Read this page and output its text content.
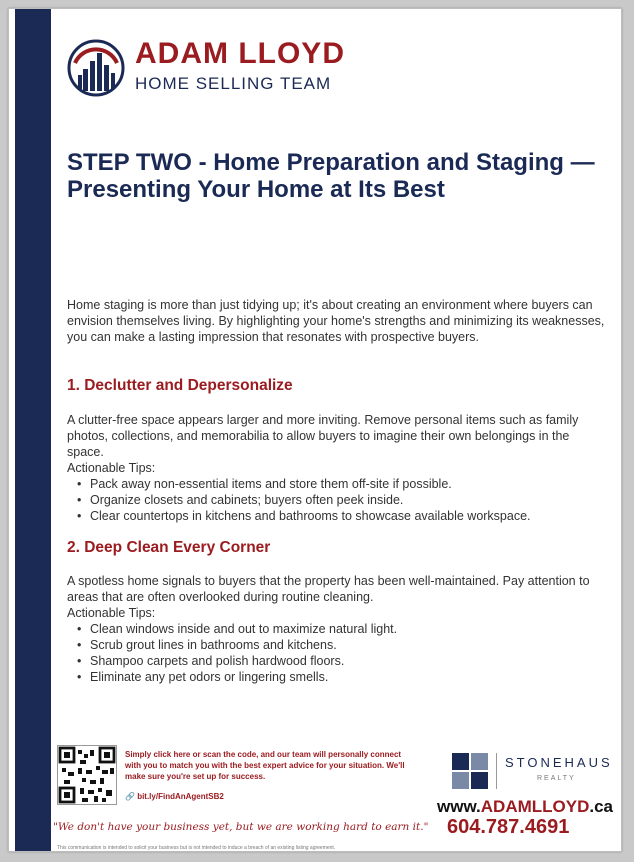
ADAM LLOYD
HOME SELLING TEAM
STEP TWO - Home Preparation and Staging — Presenting Your Home at Its Best

Home staging is more than just tidying up; it's about creating an environment where buyers can envision themselves living. By highlighting your home's strengths and minimizing its weaknesses, you can make a lasting impression that resonates with prospective buyers.

1. Declutter and Depersonalize

A clutter-free space appears larger and more inviting. Remove personal items such as family photos, collections, and memorabilia to allow buyers to imagine their own belongings in the space.

Actionable Tips:

• Pack away non-essential items and store them off-site if possible.
• Organize closets and cabinets; buyers often peek inside.
• Clear countertops in kitchens and bathrooms to showcase available workspace.
2. Deep Clean Every Corner

A spotless home signals to buyers that the property has been well-maintained. Pay attention to areas that are often overlooked during routine cleaning.

Actionable Tips:

• Clean windows inside and out to maximize natural light.
• Scrub grout lines in bathrooms and kitchens.
• Shampoo carpets and polish hardwood floors.
• Eliminate any pet odors or lingering smells.

Simply click here or scan the code, and our team will personally connect with you to match you with the best expert advice for your situation. We'll make sure you're set up for success.

🔗 bit.ly/FindAnAgentSB2
"We don't have your business yet, but we are working hard to earn it."
STONEHAUS
REALTY
www.ADAMLLOYD.ca
604.787.4691
This communication is intended to solicit your business but is not intended to induce a breach of an existing listing agreement.
